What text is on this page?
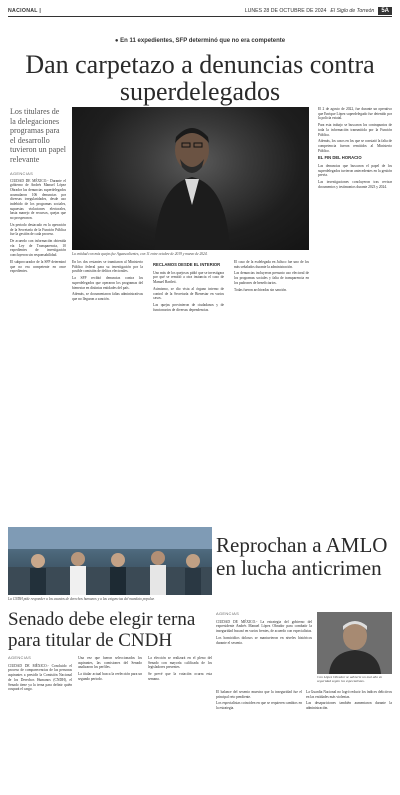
NACIONAL |	LUNES 28 DE OCTUBRE DE 2024 El Siglo de Torreón	5A
● En 11 expedientes, SFP determinó que no era competente
Dan carpetazo a denuncias contra superdelegados
Los titulares de la delegaciones programas para el desarrollo tuvieron un papel relevante
AGENCIAS

CIUDAD DE MÉXICO.- Durante el gobierno de Andrés Manuel López Obrador las denuncias superdelegados acumularon 106 denuncias por diversas irregularidades, desde uso indebido de los programas sociales, supuestas violaciones electorales, hasta manejo de recursos, quejas que no prosperaron.

Un periodo destacado en la operación de la Secretaría de la Función Pública fue la gestión de cada proceso.

De acuerdo con información obtenida vía Ley de Transparencia, 10 expedientes de investigación concluyeron sin responsabilidad.

El subprocurador de la SFP determinó que no era competente en once expedientes.

La entidad con más quejas fue Aguascalientes, con 11 entre octubre de 2019 y marzo de 2024.

En los dos restantes se tramitaron al Ministerio Público federal para su investigación por la posible comisión de delitos electorales.

La SFP recibió denuncias contra los superdelegados que operaron los programas del bienestar en distintas entidades del país.

Además, se documentaron faltas administrativas que no llegaron a sanción.

RECLAMOS DESDE EL INTERIOR

Uno más de los quejosos pidió que se investigara por qué se remitió a otra instancia el caso de Manuel Bartlett.

Asimismo, se dio vista al órgano interno de control de la Secretaría de Bienestar en varios casos.

Las quejas provinieron de ciudadanos y de funcionarios de diversas dependencias.

El caso de la exdelegada en Jalisco fue uno de los más señalados durante la administración.

Las denuncias incluyeron presunto uso electoral de los programas sociales y falta de transparencia en los padrones de beneficiarios.

Todas fueron archivadas sin sanción.

El 2 de agosto de 2022, fue durante un operativo que Enrique López superdelegado fue detenido por la policía estatal.

Para esta trabajo se buscaron los contrapuntos de toda la información transmitida por la Función Pública.

Además, los casos en los que se constató la falta de competencia fueron remitidos al Ministerio Público.

EL FIN DEL HORACIO

Las denuncias que buscaron el papel de los superdelegados tuvieron antecedentes en la gestión previa.

Las investigaciones concluyeron tras revisar documentos y testimonios durante 2023 y 2024.

La CNDH pide responder a los asuntos de derechos humanos y a las exigencias del mandato popular.
Reprochan a AMLO en lucha anticrimen
AGENCIAS

CIUDAD DE MÉXICO.- La estrategia del gobierno del expresidente Andrés Manuel López Obrador para combatir la inseguridad fracasó en varios frentes, de acuerdo con especialistas.

Los homicidios dolosos se mantuvieron en niveles históricos durante el sexenio.

Con López Obrador se advierte un mal año en seguridad según los especialistas.

El balance del sexenio muestra que la inseguridad fue el principal reto pendiente.

Los especialistas coinciden en que se requieren cambios en la estrategia.

La Guardia Nacional no logró reducir los índices delictivos en las entidades más violentas.

Las desapariciones también aumentaron durante la administración.

Senado debe elegir terna para titular de CNDH
AGENCIAS

CIUDAD DE MÉXICO.- Concluido el proceso de comparecencias de las personas aspirantes a presidir la Comisión Nacional de los Derechos Humanos (CNDH), el Senado tiene ya la terna para definir quién ocupará el cargo.

Una vez que fueron seleccionados los aspirantes, las comisiones del Senado analizaron los perfiles.

La titular actual busca la reelección para un segundo periodo.

La elección se realizará en el pleno del Senado con mayoría calificada de los legisladores presentes.

Se prevé que la votación ocurra esta semana.
